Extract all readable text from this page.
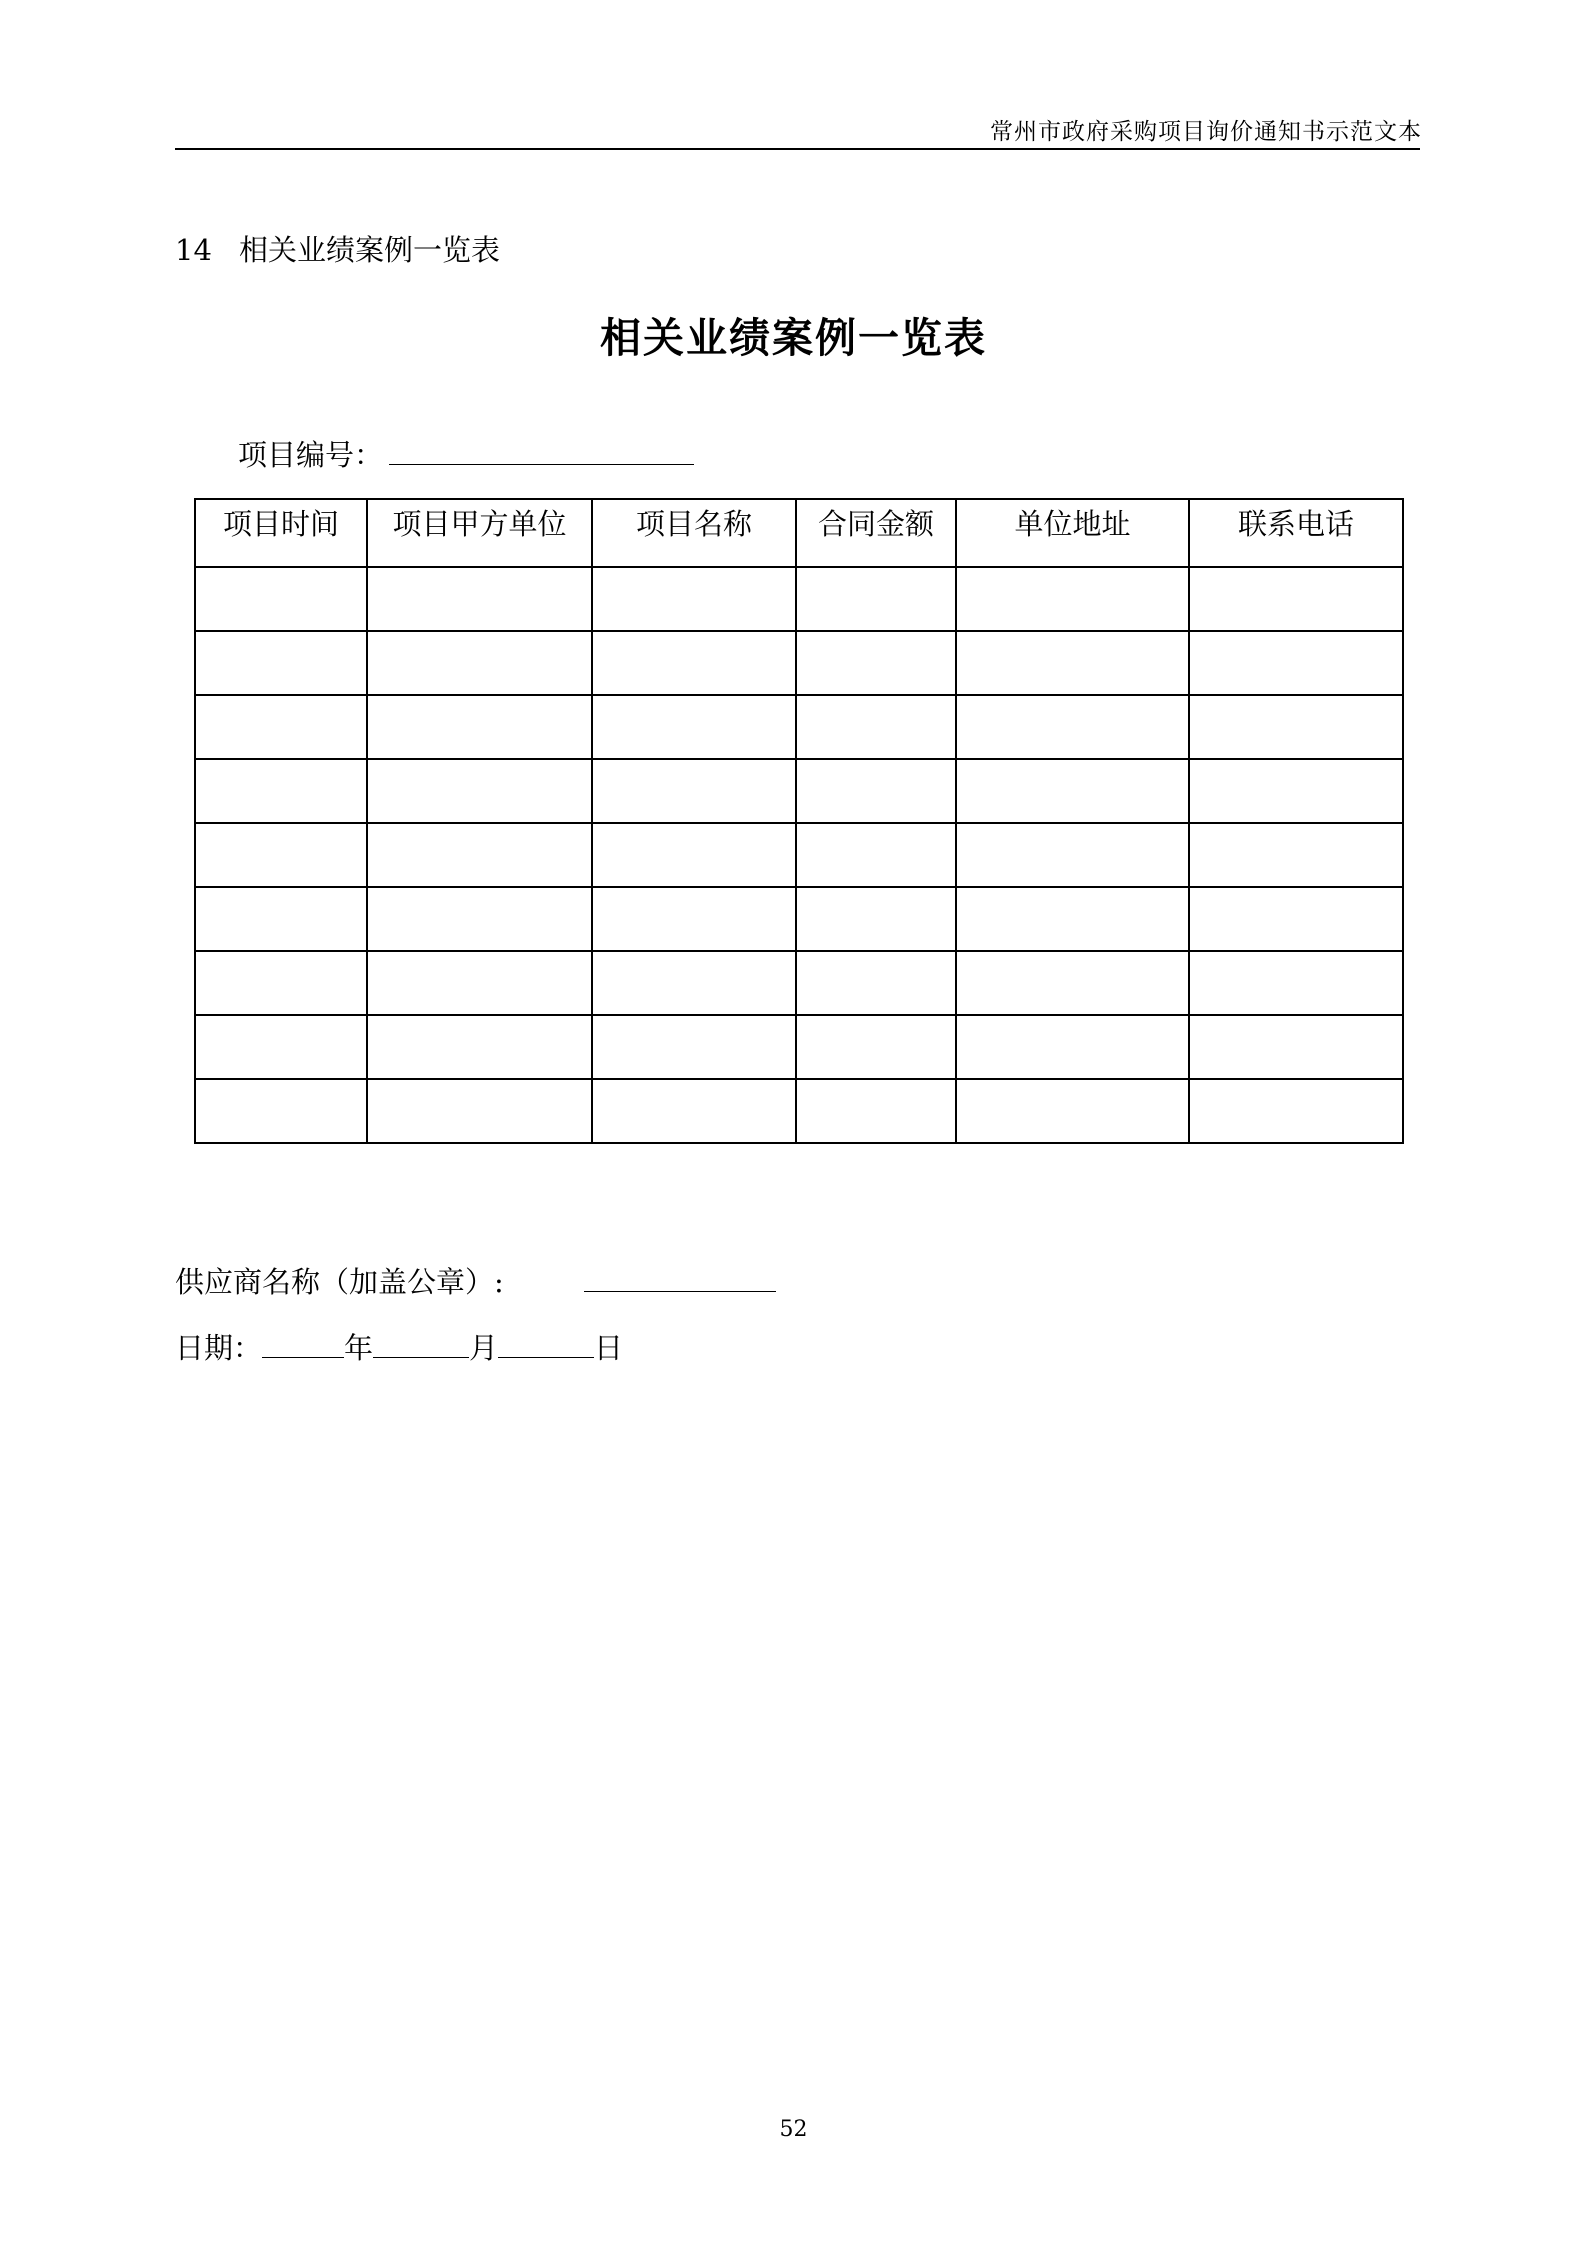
常州市政府采购项目询价通知书示范文本
14 相关业绩案例一览表
相关业绩案例一览表
项目编号：
项目时间	项目甲方单位	项目名称	合同金额	单位地址	联系电话

供应商名称（加盖公章）:
日期：	年	月	日
52
